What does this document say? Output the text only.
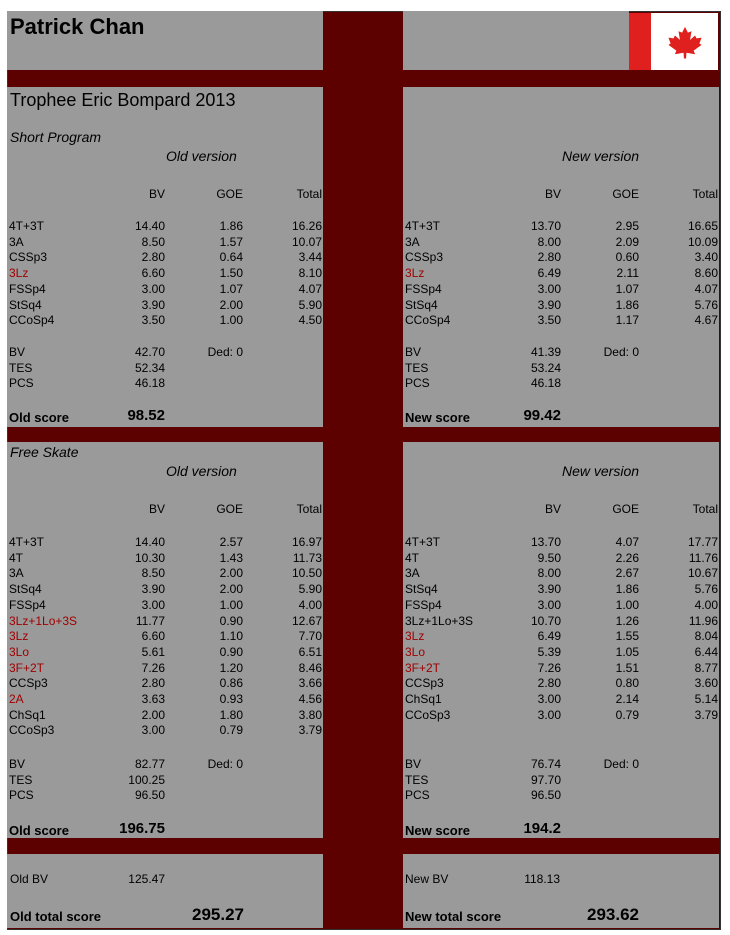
Patrick Chan
Trophee Eric Bompard 2013
Short Program
Free Skate
Old version
BV	GOE	Total
4T+3T	14.40	1.86	16.26
3A	8.50	1.57	10.07
CSSp3	2.80	0.64	3.44
3Lz	6.60	1.50	8.10
FSSp4	3.00	1.07	4.07
StSq4	3.90	2.00	5.90
CCoSp4	3.50	1.00	4.50
BV	42.70	Ded: 0
TES	52.34
PCS	46.18
Old score	98.52
New version
BV	GOE	Total
4T+3T	13.70	2.95	16.65
3A	8.00	2.09	10.09
CSSp3	2.80	0.60	3.40
3Lz	6.49	2.11	8.60
FSSp4	3.00	1.07	4.07
StSq4	3.90	1.86	5.76
CCoSp4	3.50	1.17	4.67
BV	41.39	Ded: 0
TES	53.24
PCS	46.18
New score	99.42
Old version
BV	GOE	Total
4T+3T	14.40	2.57	16.97
4T	10.30	1.43	11.73
3A	8.50	2.00	10.50
StSq4	3.90	2.00	5.90
FSSp4	3.00	1.00	4.00
3Lz+1Lo+3S	11.77	0.90	12.67
3Lz	6.60	1.10	7.70
3Lo	5.61	0.90	6.51
3F+2T	7.26	1.20	8.46
CCSp3	2.80	0.86	3.66
2A	3.63	0.93	4.56
ChSq1	2.00	1.80	3.80
CCoSp3	3.00	0.79	3.79
BV	82.77	Ded: 0
TES	100.25
PCS	96.50
Old score	196.75
New version
BV	GOE	Total
4T+3T	13.70	4.07	17.77
4T	9.50	2.26	11.76
3A	8.00	2.67	10.67
StSq4	3.90	1.86	5.76
FSSp4	3.00	1.00	4.00
3Lz+1Lo+3S	10.70	1.26	11.96
3Lz	6.49	1.55	8.04
3Lo	5.39	1.05	6.44
3F+2T	7.26	1.51	8.77
CCSp3	2.80	0.80	3.60
ChSq1	3.00	2.14	5.14
CCoSp3	3.00	0.79	3.79
BV	76.74	Ded: 0
TES	97.70
PCS	96.50
New score	194.2
Old BV	125.47
Old total score	295.27
New BV	118.13
New total score	293.62
